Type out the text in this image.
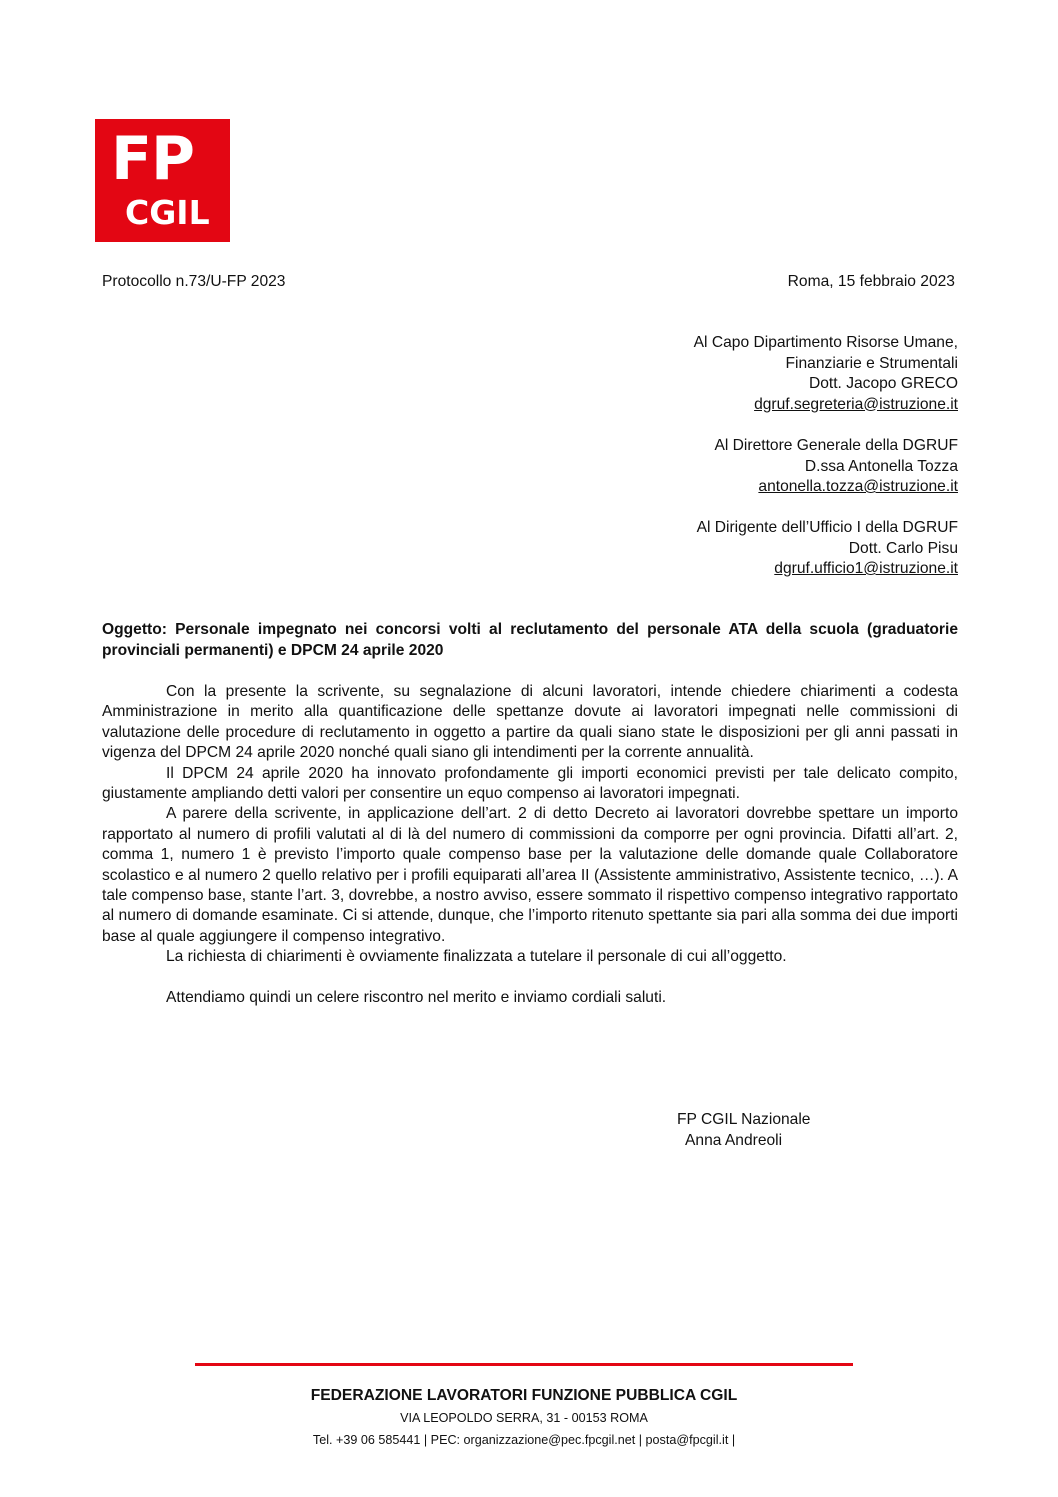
FP
CGIL
Protocollo n.73/U-FP 2023	Roma, 15 febbraio 2023
Al Capo Dipartimento Risorse Umane,
Finanziarie e Strumentali
Dott. Jacopo GRECO
dgruf.segreteria@istruzione.it
Al Direttore Generale della DGRUF
D.ssa Antonella Tozza
antonella.tozza@istruzione.it
Al Dirigente dell’Ufficio I della DGRUF
Dott. Carlo Pisu
dgruf.ufficio1@istruzione.it
Oggetto: Personale impegnato nei concorsi volti al reclutamento del personale ATA della scuola (graduatorie provinciali permanenti) e DPCM 24 aprile 2020

Con la presente la scrivente, su segnalazione di alcuni lavoratori, intende chiedere chiarimenti a codesta Amministrazione in merito alla quantificazione delle spettanze dovute ai lavoratori impegnati nelle commissioni di valutazione delle procedure di reclutamento in oggetto a partire da quali siano state le disposizioni per gli anni passati in vigenza del DPCM 24 aprile 2020 nonché quali siano gli intendimenti per la corrente annualità.

Il DPCM 24 aprile 2020 ha innovato profondamente gli importi economici previsti per tale delicato compito, giustamente ampliando detti valori per consentire un equo compenso ai lavoratori impegnati.

A parere della scrivente, in applicazione dell’art. 2 di detto Decreto ai lavoratori dovrebbe spettare un importo rapportato al numero di profili valutati al di là del numero di commissioni da comporre per ogni provincia. Difatti all’art. 2, comma 1, numero 1 è previsto l’importo quale compenso base per la valutazione delle domande quale Collaboratore scolastico e al numero 2 quello relativo per i profili equiparati all’area II (Assistente amministrativo, Assistente tecnico, …). A tale compenso base, stante l’art. 3, dovrebbe, a nostro avviso, essere sommato il rispettivo compenso integrativo rapportato al numero di domande esaminate. Ci si attende, dunque, che l’importo ritenuto spettante sia pari alla somma dei due importi base al quale aggiungere il compenso integrativo.

La richiesta di chiarimenti è ovviamente finalizzata a tutelare il personale di cui all’oggetto.

Attendiamo quindi un celere riscontro nel merito e inviamo cordiali saluti.

FP CGIL Nazionale
Anna Andreoli
FEDERAZIONE LAVORATORI FUNZIONE PUBBLICA CGIL
VIA LEOPOLDO SERRA, 31 - 00153 ROMA
Tel. +39 06 585441 | PEC: organizzazione@pec.fpcgil.net | posta@fpcgil.it |
